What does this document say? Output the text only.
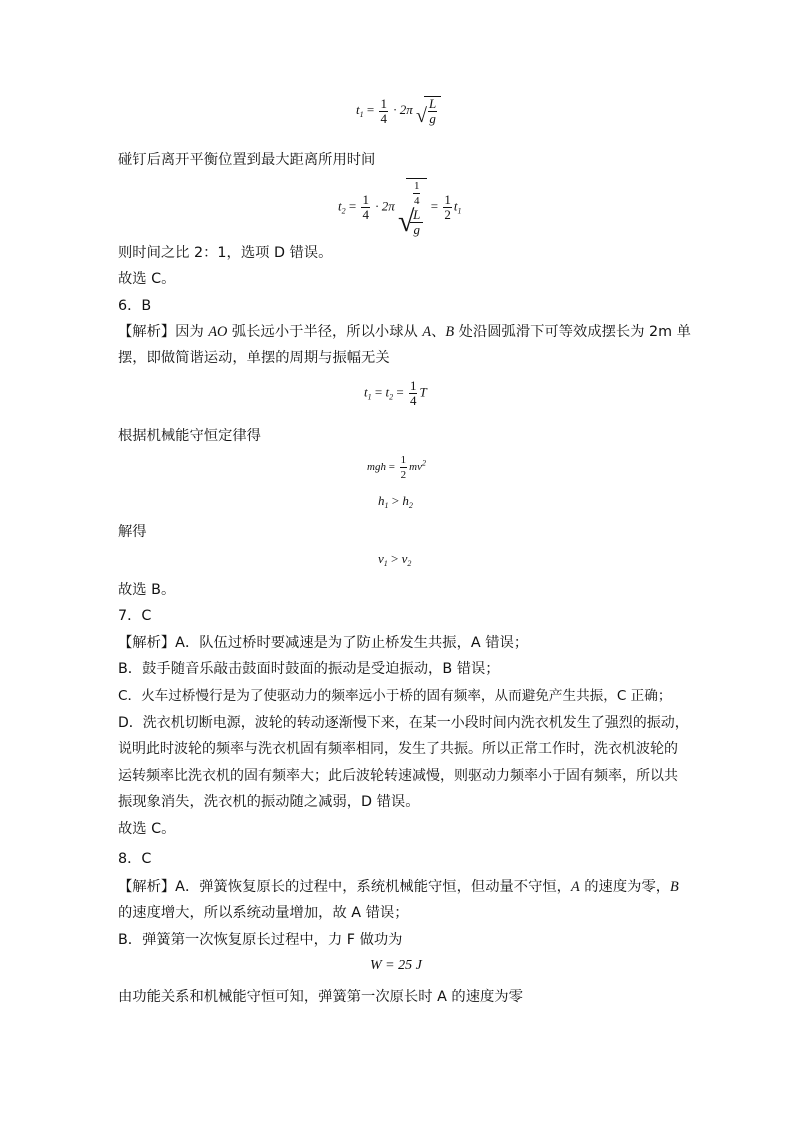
$t_1 = \frac{1}{4} \cdot 2\pi$ √ $\frac{L}{g}$
碰钉后离开平衡位置到最大距离所用时间
$t_2 = \frac{1}{4} \cdot 2\pi$ √
1
4
L
$g = \frac{1}{2} t_1$
则时间之比 2：1，选项 D 错误。
故选 C。
6．B
【解析】因为 AO 弧长远小于半径，所以小球从 A、B 处沿圆弧滑下可等效成摆长为 2m 单
摆，即做简谐运动，单摆的周期与振幅无关
$t_1 = t_2 = \frac{1}{4}$ T
根据机械能守恒定律得
mgh = $\frac{1}{2} mv^2$
$h_1 > h_2$
解得
$v_1 > v_2$
故选 B。
7．C
【解析】A．队伍过桥时要减速是为了防止桥发生共振，A 错误；
B．鼓手随音乐敲击鼓面时鼓面的振动是受迫振动，B 错误；
C．火车过桥慢行是为了使驱动力的频率远小于桥的固有频率，从而避免产生共振，C 正确；
D．洗衣机切断电源，波轮的转动逐渐慢下来，在某一小段时间内洗衣机发生了强烈的振动，
说明此时波轮的频率与洗衣机固有频率相同，发生了共振。所以正常工作时，洗衣机波轮的
运转频率比洗衣机的固有频率大；此后波轮转速减慢，则驱动力频率小于固有频率，所以共
振现象消失，洗衣机的振动随之减弱，D 错误。
故选 C。
8．C
【解析】A．弹簧恢复原长的过程中，系统机械能守恒，但动量不守恒，A 的速度为零，B
的速度增大，所以系统动量增加，故 A 错误；
B．弹簧第一次恢复原长过程中，力 F 做功为
W = 25 J
由功能关系和机械能守恒可知，弹簧第一次原长时 A 的速度为零
